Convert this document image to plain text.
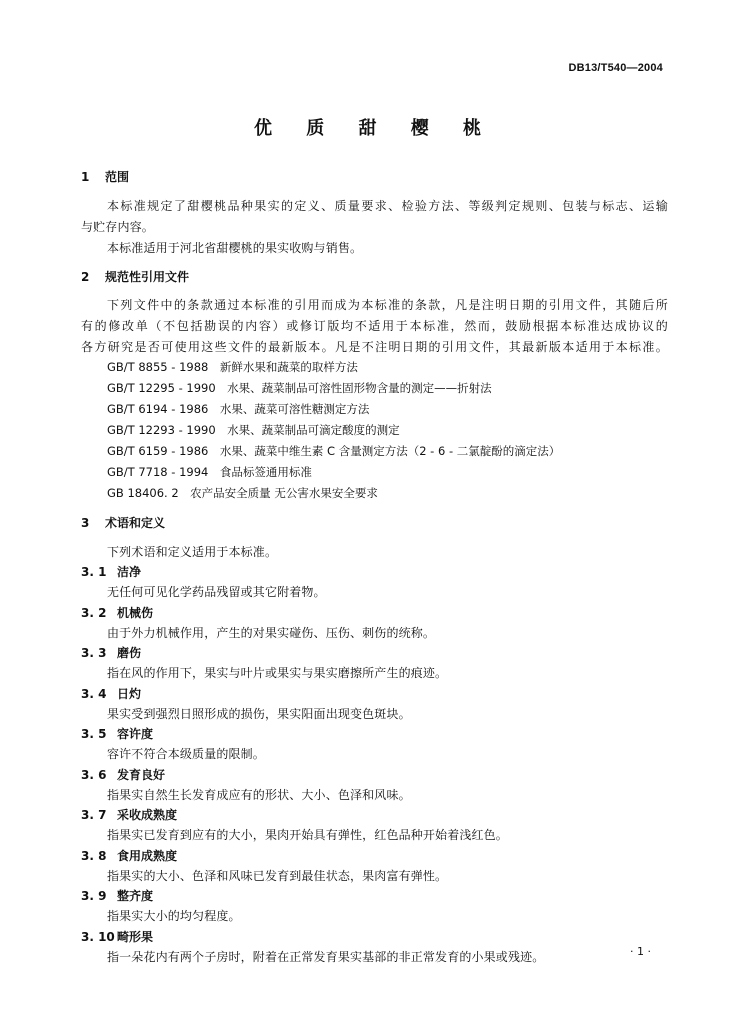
DB13/T540—2004
优 质 甜 樱 桃
1 范围
本标准规定了甜樱桃品种果实的定义、质量要求、检验方法、等级判定规则、包装与标志、运输
与贮存内容。
本标准适用于河北省甜樱桃的果实收购与销售。
2 规范性引用文件
下列文件中的条款通过本标准的引用而成为本标准的条款，凡是注明日期的引用文件，其随后所
有的修改单（不包括勘误的内容）或修订版均不适用于本标准，然而，鼓励根据本标准达成协议的
各方研究是否可使用这些文件的最新版本。凡是不注明日期的引用文件，其最新版本适用于本标准。
GB/T 8855 - 1988　新鲜水果和蔬菜的取样方法
GB/T 12295 - 1990　水果、蔬菜制品可溶性固形物含量的测定——折射法
GB/T 6194 - 1986　水果、蔬菜可溶性糖测定方法
GB/T 12293 - 1990　水果、蔬菜制品可滴定酸度的测定
GB/T 6159 - 1986　水果、蔬菜中维生素 C 含量测定方法（2 - 6 - 二氯靛酚的滴定法）
GB/T 7718 - 1994　食品标签通用标准
GB 18406. 2　农产品安全质量 无公害水果安全要求
3 术语和定义
下列术语和定义适用于本标准。
3. 1 洁净
无任何可见化学药品残留或其它附着物。
3. 2 机械伤
由于外力机械作用，产生的对果实碰伤、压伤、刺伤的统称。
3. 3 磨伤
指在风的作用下，果实与叶片或果实与果实磨擦所产生的痕迹。
3. 4 日灼
果实受到强烈日照形成的损伤，果实阳面出现变色斑块。
3. 5 容许度
容许不符合本级质量的限制。
3. 6 发育良好
指果实自然生长发育成应有的形状、大小、色泽和风味。
3. 7 采收成熟度
指果实已发育到应有的大小，果肉开始具有弹性，红色品种开始着浅红色。
3. 8 食用成熟度
指果实的大小、色泽和风味已发育到最佳状态，果肉富有弹性。
3. 9 整齐度
指果实大小的均匀程度。
3. 10 畸形果
指一朵花内有两个子房时，附着在正常发育果实基部的非正常发育的小果或残迹。	· 1 ·
